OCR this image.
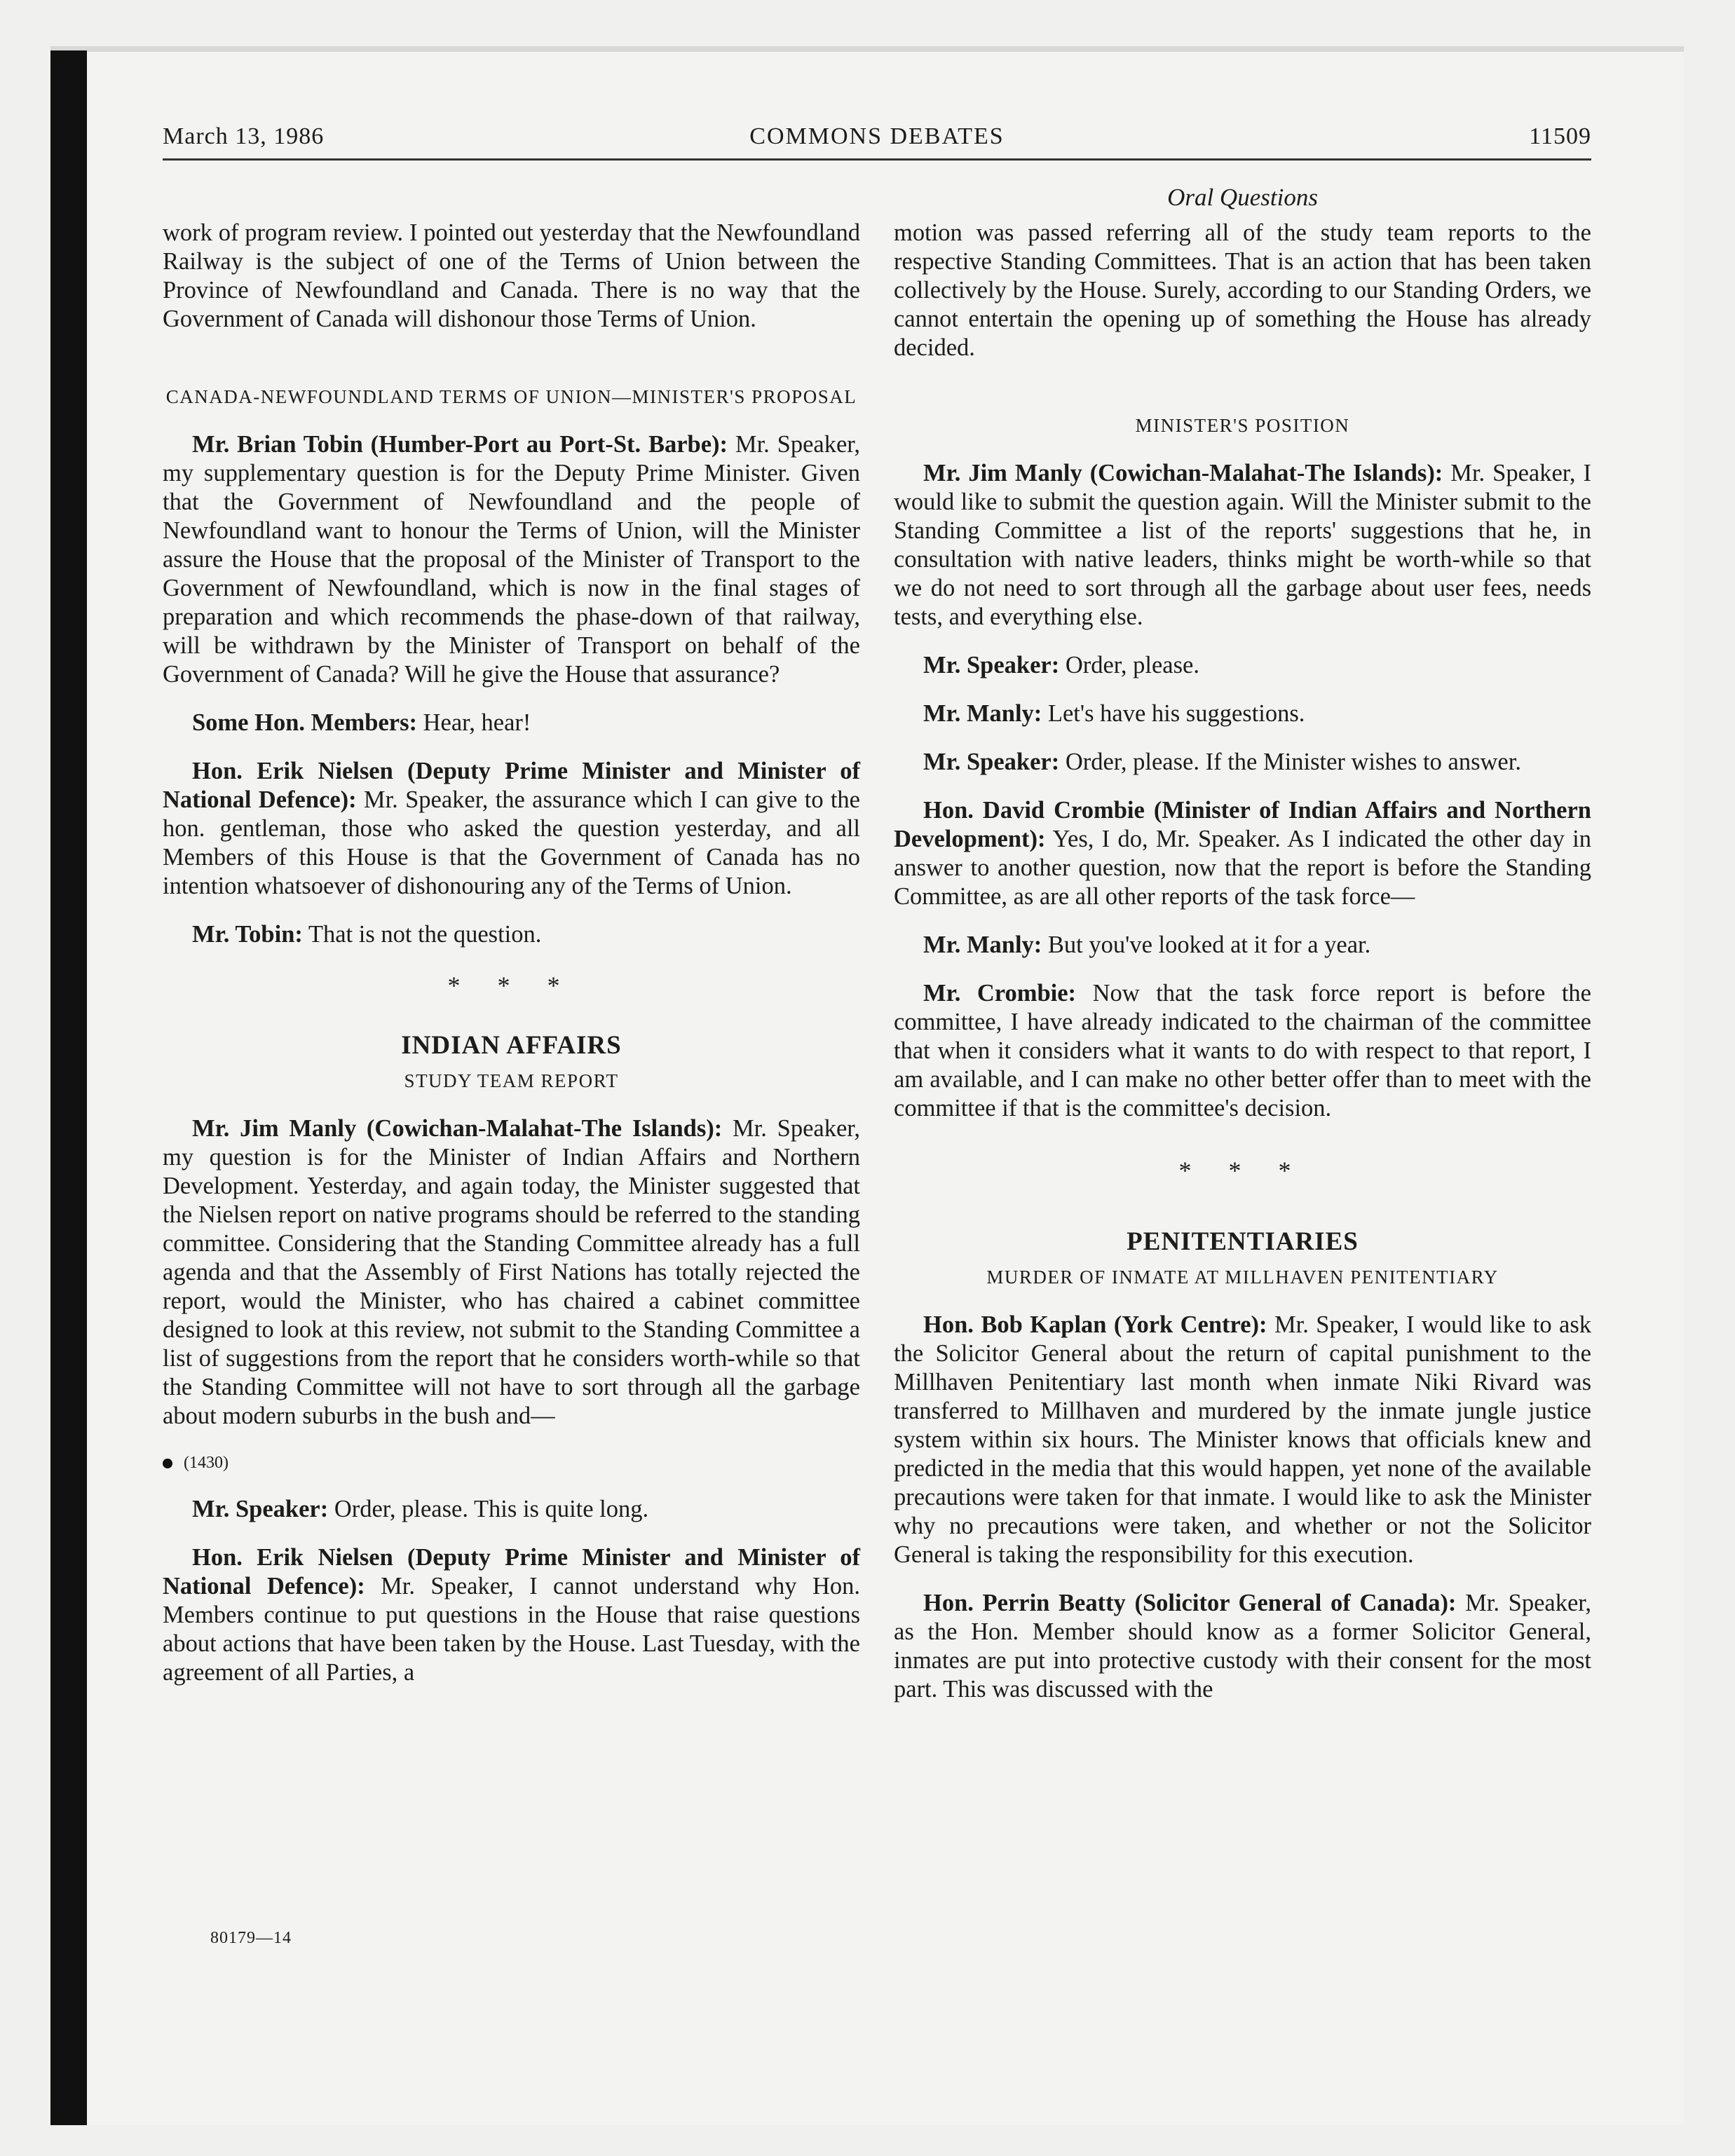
March 13, 1986	COMMONS DEBATES	11509
Oral Questions

work of program review. I pointed out yesterday that the Newfoundland Railway is the subject of one of the Terms of Union between the Province of Newfoundland and Canada. There is no way that the Government of Canada will dishonour those Terms of Union.

CANADA-NEWFOUNDLAND TERMS OF UNION—MINISTER'S PROPOSAL

Mr. Brian Tobin (Humber-Port au Port-St. Barbe): Mr. Speaker, my supplementary question is for the Deputy Prime Minister. Given that the Government of Newfoundland and the people of Newfoundland want to honour the Terms of Union, will the Minister assure the House that the proposal of the Minister of Transport to the Government of Newfoundland, which is now in the final stages of preparation and which recommends the phase-down of that railway, will be withdrawn by the Minister of Transport on behalf of the Government of Canada? Will he give the House that assurance?

Some Hon. Members: Hear, hear!

Hon. Erik Nielsen (Deputy Prime Minister and Minister of National Defence): Mr. Speaker, the assurance which I can give to the hon. gentleman, those who asked the question yesterday, and all Members of this House is that the Government of Canada has no intention whatsoever of dishonouring any of the Terms of Union.

Mr. Tobin: That is not the question.

* * *
INDIAN AFFAIRS
STUDY TEAM REPORT

Mr. Jim Manly (Cowichan-Malahat-The Islands): Mr. Speaker, my question is for the Minister of Indian Affairs and Northern Development. Yesterday, and again today, the Minister suggested that the Nielsen report on native programs should be referred to the standing committee. Considering that the Standing Committee already has a full agenda and that the Assembly of First Nations has totally rejected the report, would the Minister, who has chaired a cabinet committee designed to look at this review, not submit to the Standing Committee a list of suggestions from the report that he considers worth-while so that the Standing Committee will not have to sort through all the garbage about modern suburbs in the bush and—

(1430)

Mr. Speaker: Order, please. This is quite long.

Hon. Erik Nielsen (Deputy Prime Minister and Minister of National Defence): Mr. Speaker, I cannot understand why Hon. Members continue to put questions in the House that raise questions about actions that have been taken by the House. Last Tuesday, with the agreement of all Parties, a

motion was passed referring all of the study team reports to the respective Standing Committees. That is an action that has been taken collectively by the House. Surely, according to our Standing Orders, we cannot entertain the opening up of something the House has already decided.

MINISTER'S POSITION

Mr. Jim Manly (Cowichan-Malahat-The Islands): Mr. Speaker, I would like to submit the question again. Will the Minister submit to the Standing Committee a list of the reports' suggestions that he, in consultation with native leaders, thinks might be worth-while so that we do not need to sort through all the garbage about user fees, needs tests, and everything else.

Mr. Speaker: Order, please.

Mr. Manly: Let's have his suggestions.

Mr. Speaker: Order, please. If the Minister wishes to answer.

Hon. David Crombie (Minister of Indian Affairs and Northern Development): Yes, I do, Mr. Speaker. As I indicated the other day in answer to another question, now that the report is before the Standing Committee, as are all other reports of the task force—

Mr. Manly: But you've looked at it for a year.

Mr. Crombie: Now that the task force report is before the committee, I have already indicated to the chairman of the committee that when it considers what it wants to do with respect to that report, I am available, and I can make no other better offer than to meet with the committee if that is the committee's decision.

* * *
PENITENTIARIES
MURDER OF INMATE AT MILLHAVEN PENITENTIARY

Hon. Bob Kaplan (York Centre): Mr. Speaker, I would like to ask the Solicitor General about the return of capital punishment to the Millhaven Penitentiary last month when inmate Niki Rivard was transferred to Millhaven and murdered by the inmate jungle justice system within six hours. The Minister knows that officials knew and predicted in the media that this would happen, yet none of the available precautions were taken for that inmate. I would like to ask the Minister why no precautions were taken, and whether or not the Solicitor General is taking the responsibility for this execution.

Hon. Perrin Beatty (Solicitor General of Canada): Mr. Speaker, as the Hon. Member should know as a former Solicitor General, inmates are put into protective custody with their consent for the most part. This was discussed with the

80179—14
